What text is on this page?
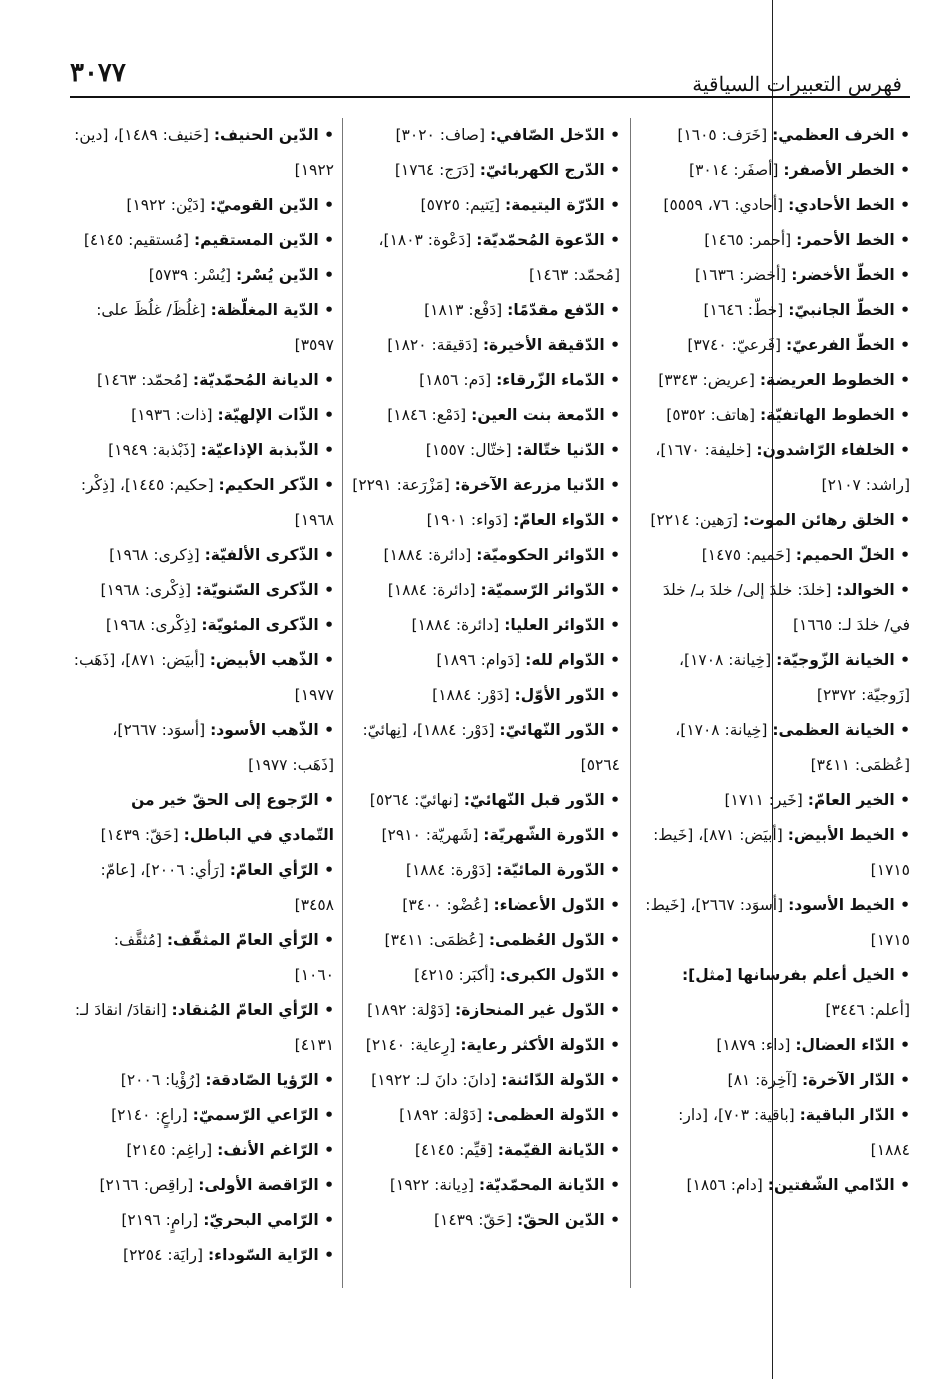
٣٠٧٧	فهرس التعبيرات السياقية

• الخرف العظمي: [خَرَف: ١٦٠٥]

• الخطر الأصفر: [أصفَر: ٣٠١٤]

• الخط الأحادي: [أحادي: ٧٦، ٥٥٥٩]

• الخط الأحمر: [أحمر: ١٤٦٥]

• الخطّ الأخضر: [أخضر: ١٦٣٦]

• الخطّ الجانبيّ: [خطّ: ١٦٤٦]

• الخطّ الفرعيّ: [فَرعيّ: ٣٧٤٠]

• الخطوط العريضة: [عريض: ٣٣٤٣]

• الخطوط الهاتفيّة: [هاتف: ٥٣٥٢]

• الخلفاء الرّاشدون: [خليفة: ١٦٧٠]، [راشد: ٢١٠٧]

• الخلق رهائن الموت: [رَهين: ٢٢١٤]

• الخلّ الحميم: [حَميم: ١٤٧٥]

• الخوالد: [خلدَ: خلدَ إلى/ خلدَ بـ/ خلدَ في/ خلدَ لـ: ١٦٦٥]

• الخيانة الزّوجيّة: [خِيانة: ١٧٠٨]، [زَوجيّة: ٢٣٧٢]

• الخيانة العظمى: [خِيانة: ١٧٠٨]، [عُظمَى: ٣٤١١]

• الخير العامّ: [خَير: ١٧١١]

• الخيط الأبيض: [أبيَض: ٨٧١]، [خَيط: ١٧١٥]

• الخيط الأسود: [أسوَد: ٢٦٦٧]، [خَيط: ١٧١٥]

• الخيل أعلم بفرسانها [مثل]: [أعلم: ٣٤٤٦]

• الدّاء العضال: [داء: ١٨٧٩]

• الدّار الآخرة: [آخِرة: ٨١]

• الدّار الباقية: [باقية: ٧٠٣]، [دار: ١٨٨٤]

• الدّامي الشّفتين: [دام: ١٨٥٦]

• الدّخل الصّافي: [صاف: ٣٠٢٠]

• الدّرج الكهربائيّ: [دَرَج: ١٧٦٤]

• الدّرّة اليتيمة: [يَتيم: ٥٧٢٥]

• الدّعوة المُحمّديّة: [دَعْوة: ١٨٠٣]، [مُحمّد: ١٤٦٣]

• الدّفع مقدّمًا: [دَفْع: ١٨١٣]

• الدّقيقة الأخيرة: [دَقيقة: ١٨٢٠]

• الدّماء الزّرقاء: [دَم: ١٨٥٦]

• الدّمعة بنت العين: [دَمْع: ١٨٤٦]

• الدّنيا ختّالة: [ختّال: ١٥٥٧]

• الدّنيا مزرعة الآخرة: [مَزْرَعة: ٢٢٩١]

• الدّواء العامّ: [دَواء: ١٩٠١]

• الدّوائر الحكوميّة: [دائرة: ١٨٨٤]

• الدّوائر الرّسميّة: [دائرة: ١٨٨٤]

• الدّوائر العليا: [دائرة: ١٨٨٤]

• الدّوام لله: [دَوام: ١٨٩٦]

• الدّور الأوّل: [دَوْر: ١٨٨٤]

• الدّور النّهائيّ: [دَوْر: ١٨٨٤]، [نِهائيّ: ٥٢٦٤]

• الدّور قبل النّهائيّ: [نهائيّ: ٥٢٦٤]

• الدّورة الشّهريّة: [شَهريّة: ٢٩١٠]

• الدّورة المائيّة: [دَوْرة: ١٨٨٤]

• الدّول الأعضاء: [عُضْو: ٣٤٠٠]

• الدّول العُظمى: [عُظمَى: ٣٤١١]

• الدّول الكبرى: [أكبَر: ٤٢١٥]

• الدّول غير المنحازة: [دَوْلة: ١٨٩٢]

• الدّولة الأكثر رعاية: [رِعاية: ٢١٤٠]

• الدّولة الدّائنة: [دانَ: دانَ لـ: ١٩٢٢]

• الدّولة العظمى: [دَوْلة: ١٨٩٢]

• الدّيانة القيّمة: [قيِّم: ٤١٤٥]

• الدّيانة المحمّديّة: [دِيانة: ١٩٢٢]

• الدّين الحقّ: [حَقّ: ١٤٣٩]

• الدّين الحنيف: [حَنيف: ١٤٨٩]، [دين: ١٩٢٢]

• الدّين القوميّ: [دَيْن: ١٩٢٢]

• الدّين المستقيم: [مُستقيم: ٤١٤٥]

• الدّين يُسْر: [يُسْر: ٥٧٣٩]

• الدّية المغلّظة: [غلُظَ/ غلُظَ على: ٣٥٩٧]

• الديانة المُحمّديّة: [مُحمّد: ١٤٦٣]

• الذّات الإلهيّة: [ذات: ١٩٣٦]

• الذّبذبة الإذاعيّة: [ذَبْذبة: ١٩٤٩]

• الذّكر الحكيم: [حكيم: ١٤٤٥]، [ذِكْر: ١٩٦٨]

• الذّكرى الألفيّة: [ذِكرى: ١٩٦٨]

• الذّكرى السّنويّة: [ذِكْرى: ١٩٦٨]

• الذّكرى المئويّة: [ذِكْرى: ١٩٦٨]

• الذّهب الأبيض: [أبيَض: ٨٧١]، [ذَهَب: ١٩٧٧]

• الذّهب الأسود: [أسوَد: ٢٦٦٧]، [ذَهَب: ١٩٧٧]

• الرّجوع إلى الحقّ خير من التّمادي في الباطل: [حَقّ: ١٤٣٩]

• الرّأي العامّ: [رَأي: ٢٠٠٦]، [عامّ: ٣٤٥٨]

• الرّأي العامّ المثقّف: [مُثقَّف: ١٠٦٠]

• الرّأي العامّ المُنقاد: [انقادَ/ انقادَ لـ: ٤١٣١]

• الرّؤيا الصّادقة: [رُؤْيا: ٢٠٠٦]

• الرّاعي الرّسميّ: [راعٍ: ٢١٤٠]

• الرّاغم الأنف: [راغِم: ٢١٤٥]

• الرّاقصة الأولى: [راقِص: ٢١٦٦]

• الرّامي البحريّ: [رامٍ: ٢١٩٦]

• الرّاية السّوداء: [رايَة: ٢٢٥٤]
